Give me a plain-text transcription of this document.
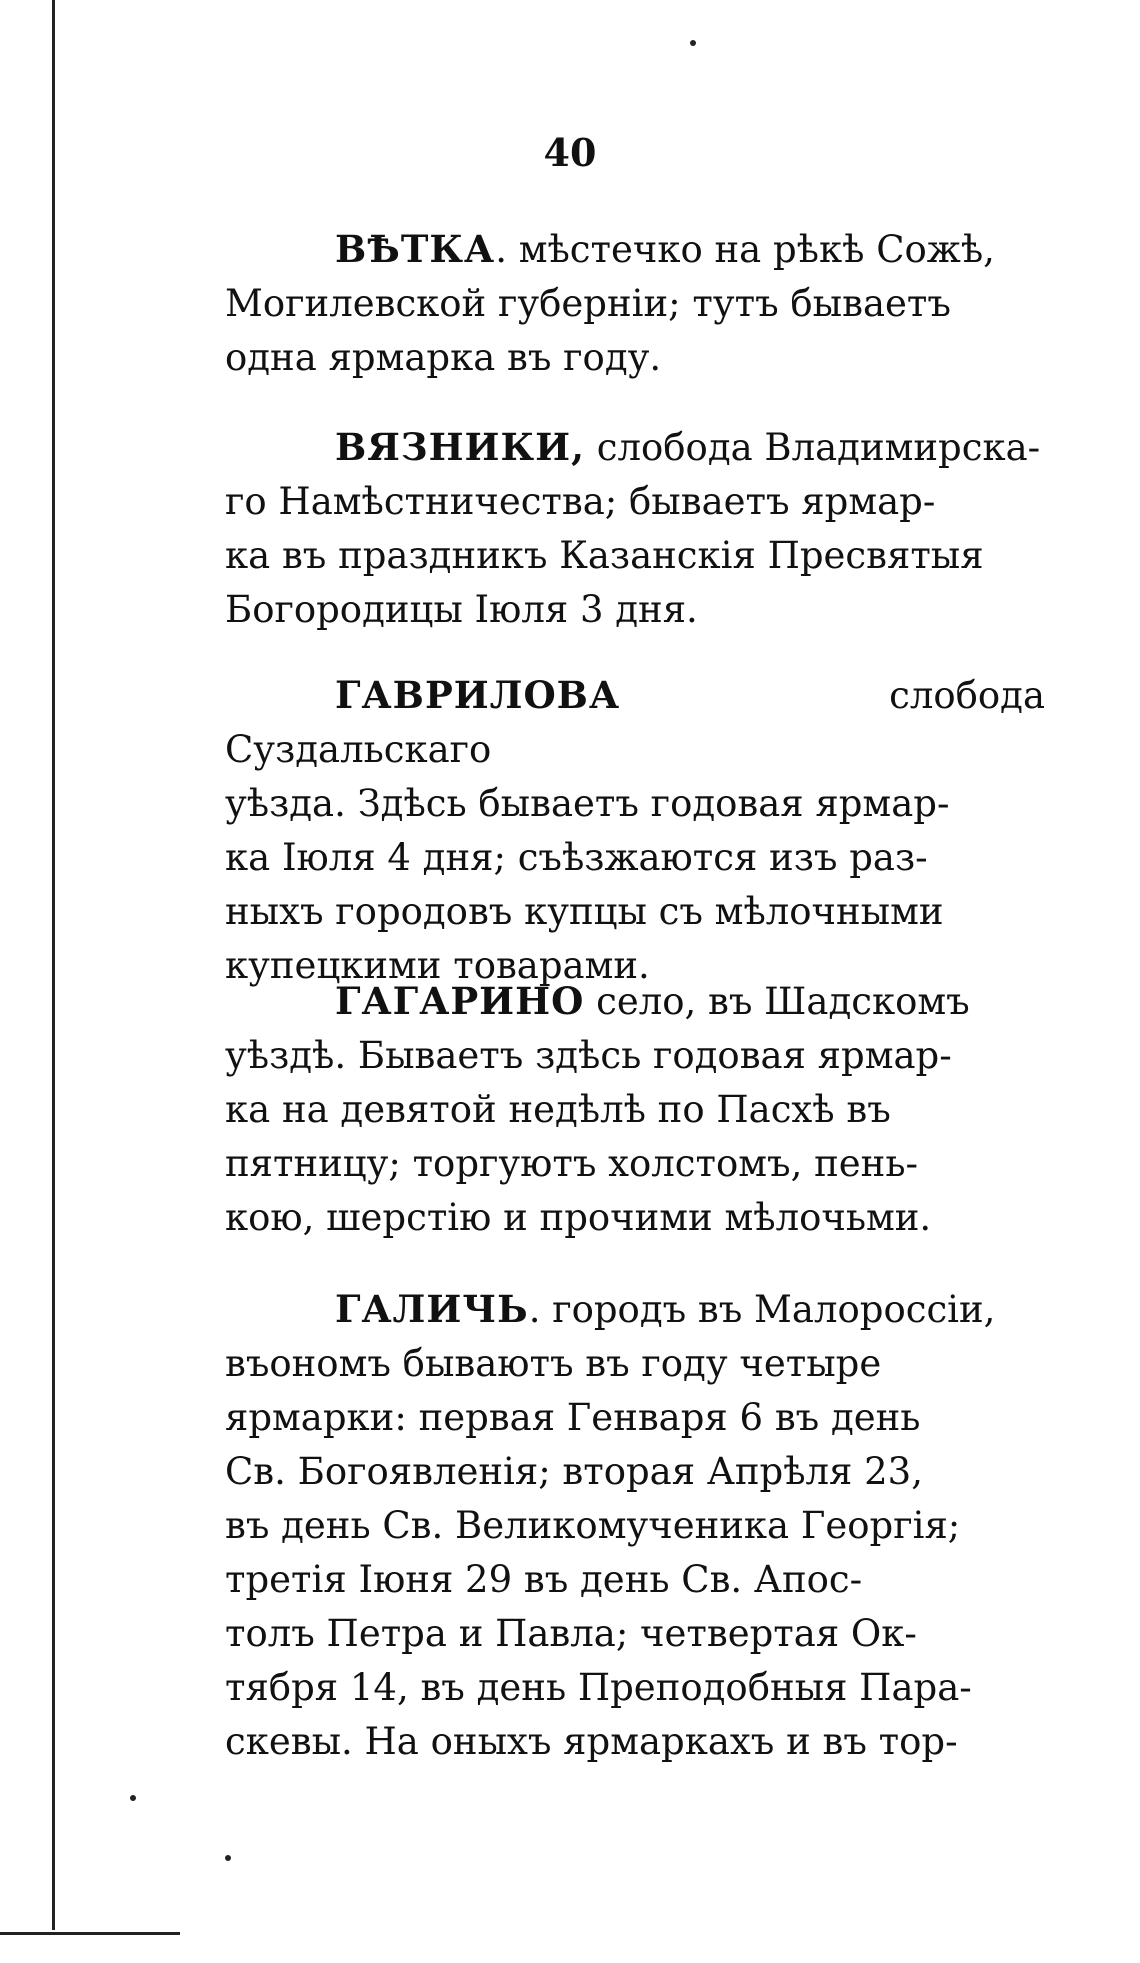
40
ВѢТКА. мѣстечко на рѣкѣ Сожѣ,
Могилевской губерніи; тутъ бываетъ
одна ярмарка въ году.
ВЯЗНИКИ, слобода Владимирска-
го Намѣстничества; бываетъ ярмар-
ка въ праздникъ Казанскія Пресвятыя
Богородицы Іюля 3 дня.
ГАВРИЛОВА	слобода Суздальскаго
уѣзда. Здѣсь бываетъ годовая ярмар-
ка Іюля 4 дня; съѣзжаются изъ раз-
ныхъ городовъ купцы съ мѣлочными
купецкими товарами.
ГАГАРИНО село, въ Шадскомъ
уѣздѣ. Бываетъ здѣсь годовая ярмар-
ка на девятой недѣлѣ по Пасхѣ въ
пятницу; торгуютъ холстомъ, пень-
кою, шерстію и прочими мѣлочьми.
ГАЛИЧЬ. городъ въ Малороссіи,
въономъ бываютъ въ году четыре
ярмарки: первая Генваря 6 въ день
Св. Богоявленія; вторая Апрѣля 23,
въ день Св. Великомученика Георгія;
третія Іюня 29 въ день Св. Апос-
толъ Петра и Павла; четвертая Ок-
тября 14, въ день Преподобныя Пара-
скевы. На оныхъ ярмаркахъ и въ тор-
